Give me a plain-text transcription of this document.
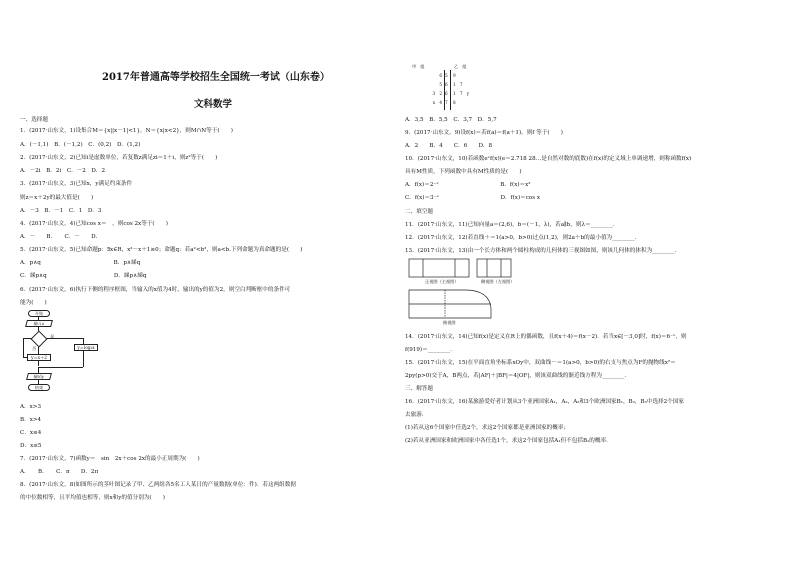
2017年普通高等学校招生全国统一考试（山东卷）
文科数学
一、选择题
1．(2017·山东文，1)设集合M＝{x||x－1|<1}，N＝{x|x<2}，则M∩N等于(　　)
A．(－1,1)　B．(－1,2)　C．(0,2)　D．(1,2)
2．(2017·山东文，2)已知i是虚数单位，若复数z满足zi＝1＋i，则z²等于(　　)
A．－2i　B．2i　C．－2　D．2
3．(2017·山东文，3)已知x，y满足约束条件
则z＝x＋2y的最大值是(　　)
A．－3　B．－1　C．1　D．3
4．(2017·山东文，4)已知cos x＝　，则cos 2x等于(　　)
A．－　　B．　　C．－　　D．
5．(2017·山东文，5)已知命题p：∃x∈R，x²－x＋1≥0；命题q：若a²<b²，则a<b.下列命题为真命题的是(　　)
A．p∧q　　　　　　　　　　　　　B．p∧綈q
C．綈p∧q　　　　　　　　　　　　D．綈p∧綈q
6．(2017·山东文，6)执行下侧的程序框图，当输入的x值为4时，输出的y的值为2，则空白判断框中的条件可
能为(　　)
开始
输入x
是
否	y＝log₂x
y＝x＋2
输出y
结束
A．x>3
B．x>4
C．x≤4
D．x≤5
7．(2017·山东文，7)函数y＝　sin　2x＋cos 2x的最小正周期为(　　)
A．　　B．　　C．π　　D．2π
8．(2017·山东文，8)如图所示的茎叶图记录了甲、乙两组各5名工人某日的产量数据(单位：件)．若这两组数据
的中位数相等，且平均值也相等，则x和y的值分别为(　　)
甲　组	乙　组
6 5 9
5 6 1　7
3　2 6 1　7　y
x　4 7 8
A．3,5　B．5,5　C．3,7　D．5,7
9．(2017·山东文，9)设f(x)＝若f(a)＝f(a＋1)，则f 等于(　　)
A．2　　B．4　　C．6　　D．8
10．(2017·山东文，10)若函数eˣf(x)(e＝2.718 28…是自然对数的底数)在f(x)的定义域上单调递增，则称函数f(x)
具有M性质，下列函数中具有M性质的是(　　)
A．f(x)＝2⁻ˣ　　　　　　　　　　　B．f(x)＝x²
C．f(x)＝3⁻ˣ　　　　　　　　　　　D．f(x)＝cos x
二、填空题
11．(2017·山东文，11)已知向量a＝(2,6)，b＝(－1，λ)，若a∥b，则λ＝________．
12．(2017·山东文，12)若直线＋＝1(a>0，b>0)过点(1,2)，则2a＋b的最小值为________．
13．(2017·山东文，13)由一个长方体和两个圆柱构成的几何体的三视图如图，则该几何体的体积为________．
正视图（主视图）	侧视图（左视图）
俯视图
14．(2017·山东文，14)已知f(x)是定义在R上的偶函数，且f(x＋4)＝f(x－2)．若当x∈[－3,0]时，f(x)＝6⁻ˣ，则
f(919)＝________．
15．(2017·山东文，15)在平面直角坐标系xOy中，双曲线－＝1(a>0，b>0)的右支与焦点为F的抛物线x²＝
2py(p>0)交于A，B两点，若|AF|＋|BF|＝4|OF|，则该双曲线的渐近线方程为________．
三、解答题
16．(2017·山东文，16)某旅游爱好者计划从3个亚洲国家A₁，A₂，A₃和3个欧洲国家B₁，B₂，B₃中选择2个国家
去旅游．
(1)若从这6个国家中任选2个，求这2个国家都是亚洲国家的概率；
(2)若从亚洲国家和欧洲国家中各任选1个，求这2个国家包括A₁但不包括B₁的概率．
